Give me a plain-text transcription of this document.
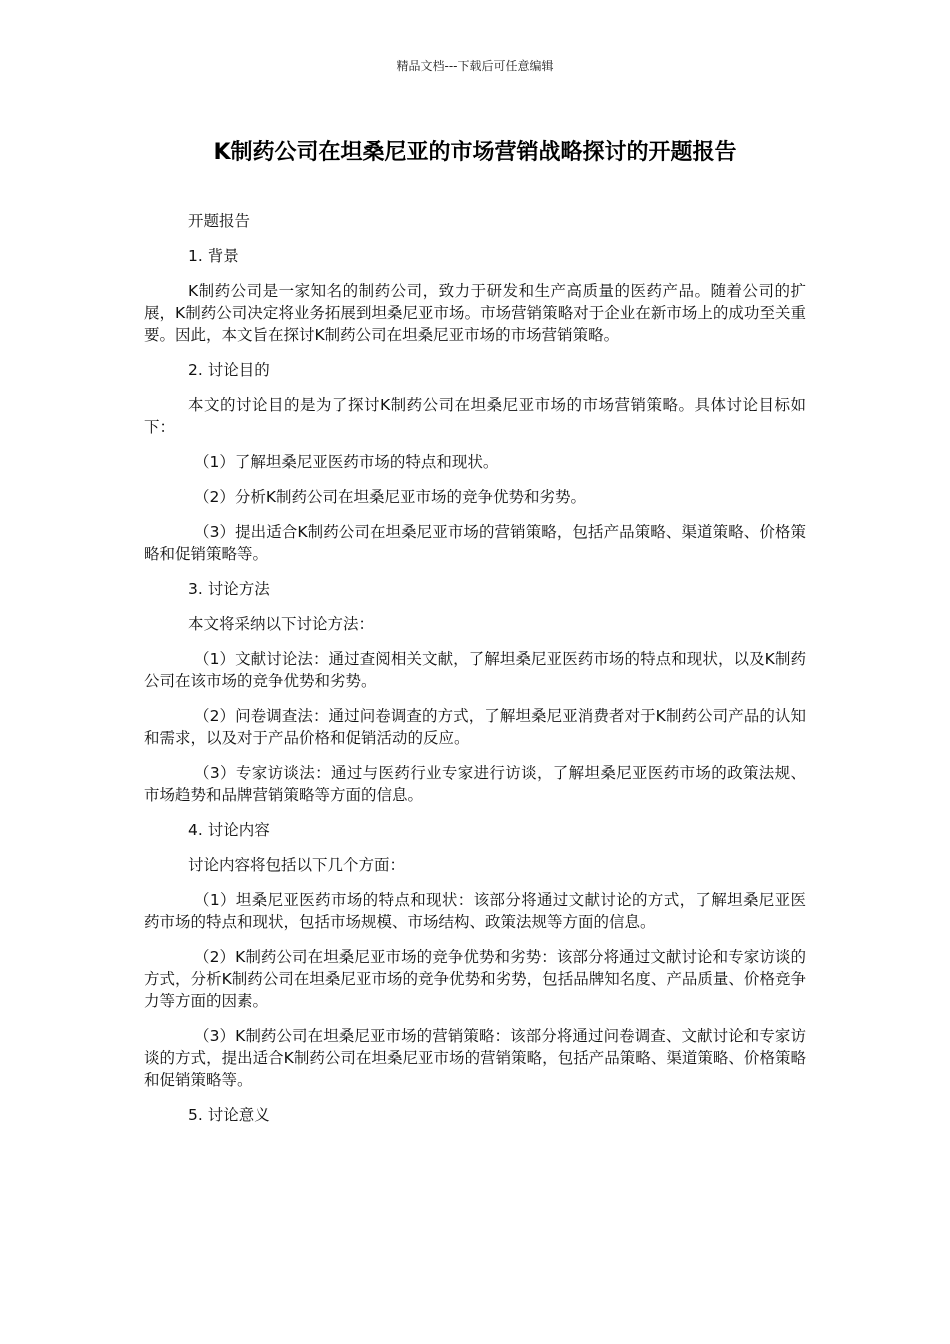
精品文档---下载后可任意编辑
K制药公司在坦桑尼亚的市场营销战略探讨的开题报告

开题报告

1. 背景

K制药公司是一家知名的制药公司，致力于研发和生产高质量的医药产品。随着公司的扩展，K制药公司决定将业务拓展到坦桑尼亚市场。市场营销策略对于企业在新市场上的成功至关重要。因此，本文旨在探讨K制药公司在坦桑尼亚市场的市场营销策略。

2. 讨论目的

本文的讨论目的是为了探讨K制药公司在坦桑尼亚市场的市场营销策略。具体讨论目标如下：

（1）了解坦桑尼亚医药市场的特点和现状。

（2）分析K制药公司在坦桑尼亚市场的竞争优势和劣势。

（3）提出适合K制药公司在坦桑尼亚市场的营销策略，包括产品策略、渠道策略、价格策略和促销策略等。

3. 讨论方法

本文将采纳以下讨论方法：

（1）文献讨论法：通过查阅相关文献，了解坦桑尼亚医药市场的特点和现状，以及K制药公司在该市场的竞争优势和劣势。

（2）问卷调查法：通过问卷调查的方式，了解坦桑尼亚消费者对于K制药公司产品的认知和需求，以及对于产品价格和促销活动的反应。

（3）专家访谈法：通过与医药行业专家进行访谈，了解坦桑尼亚医药市场的政策法规、市场趋势和品牌营销策略等方面的信息。

4. 讨论内容

讨论内容将包括以下几个方面：

（1）坦桑尼亚医药市场的特点和现状：该部分将通过文献讨论的方式，了解坦桑尼亚医药市场的特点和现状，包括市场规模、市场结构、政策法规等方面的信息。

（2）K制药公司在坦桑尼亚市场的竞争优势和劣势：该部分将通过文献讨论和专家访谈的方式，分析K制药公司在坦桑尼亚市场的竞争优势和劣势，包括品牌知名度、产品质量、价格竞争力等方面的因素。

（3）K制药公司在坦桑尼亚市场的营销策略：该部分将通过问卷调查、文献讨论和专家访谈的方式，提出适合K制药公司在坦桑尼亚市场的营销策略，包括产品策略、渠道策略、价格策略和促销策略等。

5. 讨论意义
